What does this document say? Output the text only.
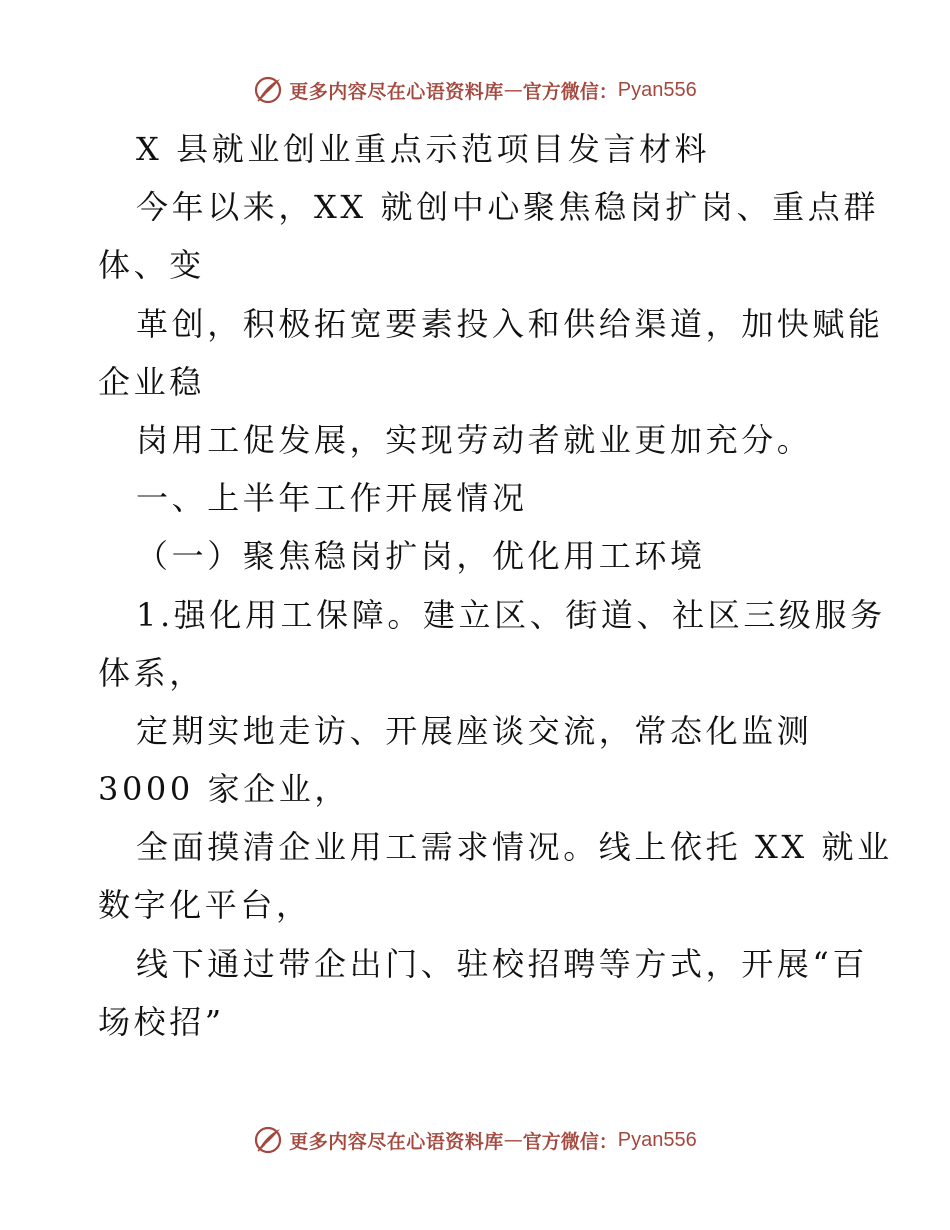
更多内容尽在心语资料库 — 官方微信： Pyan556
X 县就业创业重点示范项目发言材料
今年以来，XX 就创中心聚焦稳岗扩岗、重点群
体、变
革创，积极拓宽要素投入和供给渠道，加快赋能
企业稳
岗用工促发展，实现劳动者就业更加充分。
一、上半年工作开展情况
（一）聚焦稳岗扩岗，优化用工环境
1.强化用工保障。建立区、街道、社区三级服务
体系，
定期实地走访、开展座谈交流，常态化监测
3000 家企业，
全面摸清企业用工需求情况。线上依托 XX 就业
数字化平台，
线下通过带企出门、驻校招聘等方式，开展“百
场校招”
更多内容尽在心语资料库 — 官方微信： Pyan556
